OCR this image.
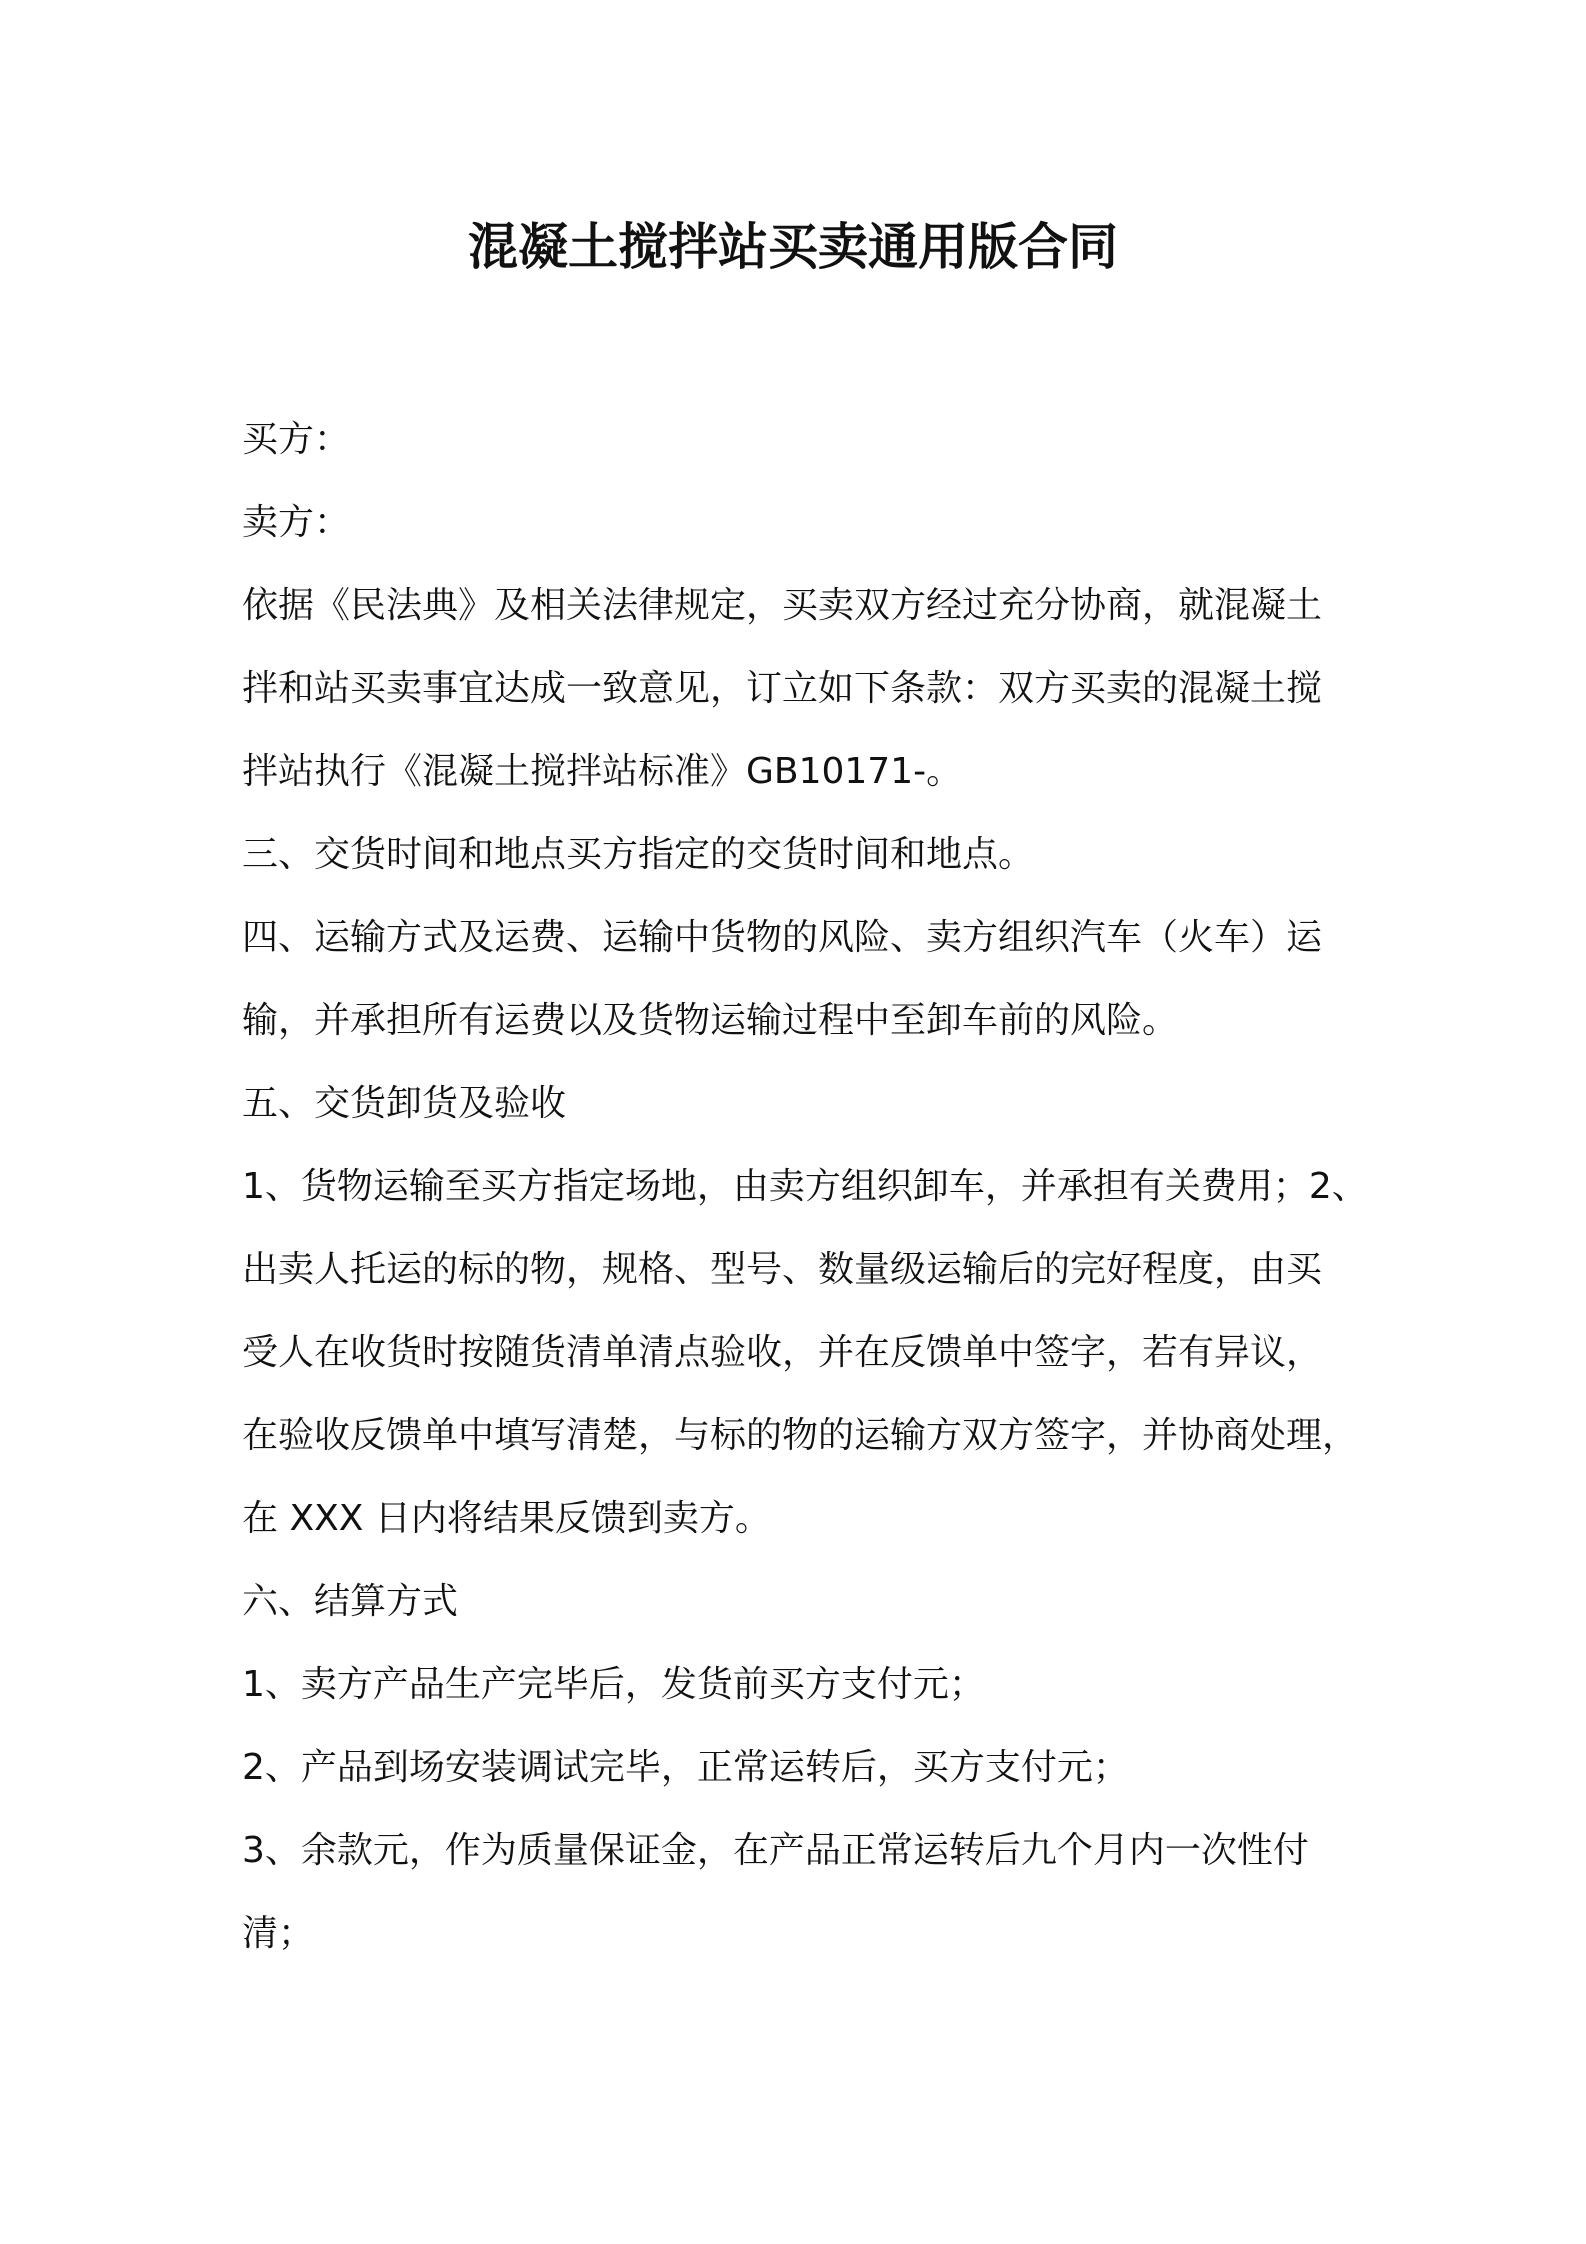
混凝土搅拌站买卖通用版合同

买方：

卖方：

依据《民法典》及相关法律规定，买卖双方经过充分协商，就混凝土

拌和站买卖事宜达成一致意见，订立如下条款：双方买卖的混凝土搅

拌站执行《混凝土搅拌站标准》GB10171-。

三、交货时间和地点买方指定的交货时间和地点。

四、运输方式及运费、运输中货物的风险、卖方组织汽车（火车）运

输，并承担所有运费以及货物运输过程中至卸车前的风险。

五、交货卸货及验收

1、货物运输至买方指定场地，由卖方组织卸车，并承担有关费用；2、

出卖人托运的标的物，规格、型号、数量级运输后的完好程度，由买

受人在收货时按随货清单清点验收，并在反馈单中签字，若有异议，

在验收反馈单中填写清楚，与标的物的运输方双方签字，并协商处理，

在 XXX 日内将结果反馈到卖方。

六、结算方式

1、卖方产品生产完毕后，发货前买方支付元；

2、产品到场安装调试完毕，正常运转后，买方支付元；

3、余款元，作为质量保证金，在产品正常运转后九个月内一次性付

清；
